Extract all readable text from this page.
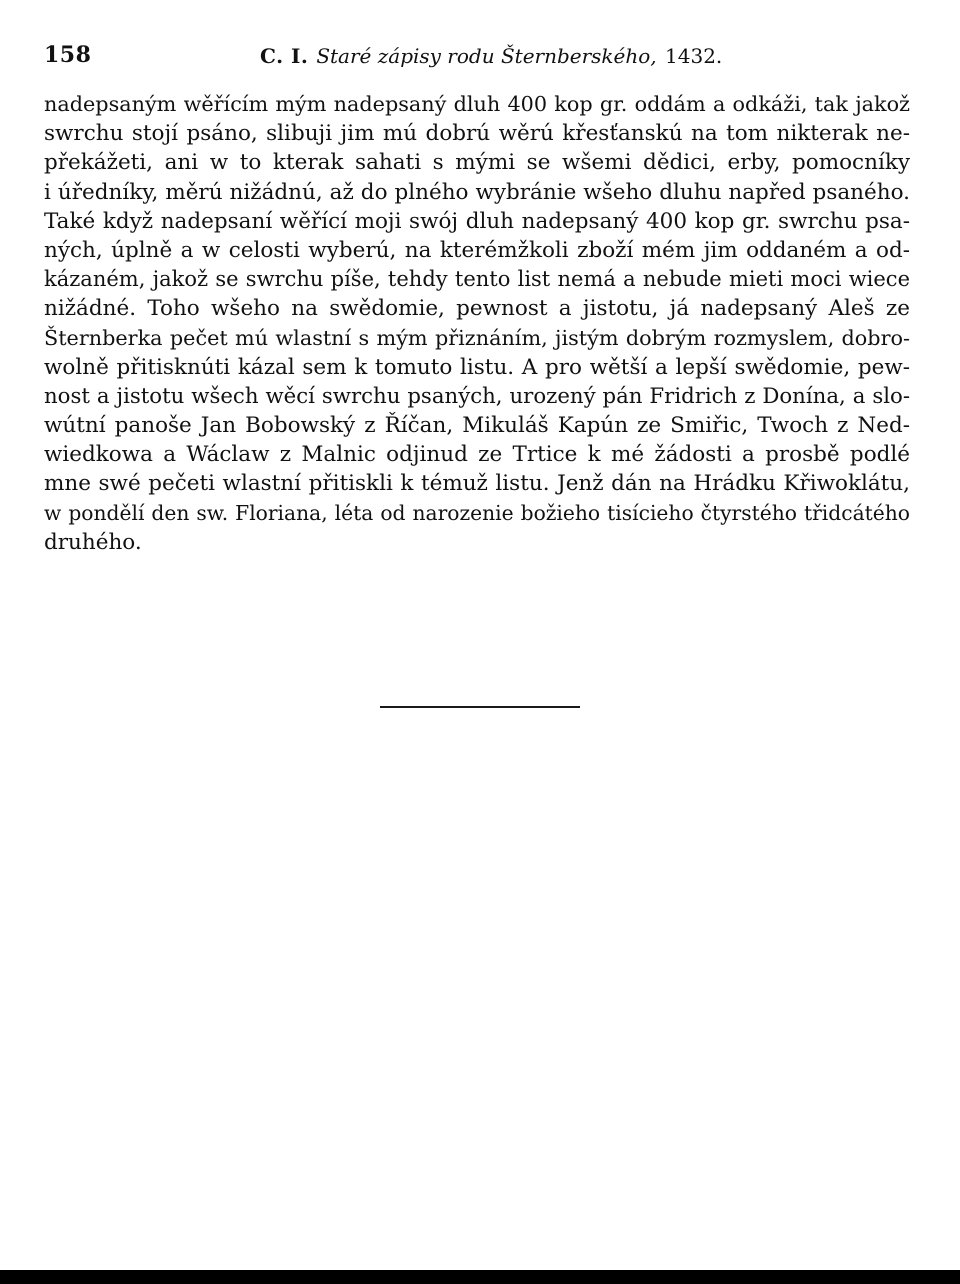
158	C. I. Staré zápisy rodu Šternberského, 1432.
nadepsaným wěřícím mým nadepsaný dluh 400 kop gr. oddám a odkáži, tak jakož
swrchu stojí psáno, slibuji jim mú dobrú wěrú křesťanskú na tom nikterak ne-
překážeti, ani w to kterak sahati s mými se wšemi dědici, erby, pomocníky
i úředníky, měrú nižádnú, až do plného wybránie wšeho dluhu napřed psaného.
Také když nadepsaní wěřící moji swój dluh nadepsaný 400 kop gr. swrchu psa-
ných, úplně a w celosti wyberú, na kterémžkoli zboží mém jim oddaném a od-
kázaném, jakož se swrchu píše, tehdy tento list nemá a nebude mieti moci wiece
nižádné. Toho wšeho na swědomie, pewnost a jistotu, já nadepsaný Aleš ze
Šternberka pečet mú wlastní s mým přiznáním, jistým dobrým rozmyslem, dobro-
wolně přitisknúti kázal sem k tomuto listu. A pro wětší a lepší swědomie, pew-
nost a jistotu wšech wěcí swrchu psaných, urozený pán Fridrich z Donína, a slo-
wútní panoše Jan Bobowský z Říčan, Mikuláš Kapún ze Smiřic, Twoch z Ned-
wiedkowa a Wáclaw z Malnic odjinud ze Trtice k mé žádosti a prosbě podlé
mne swé pečeti wlastní přitiskli k témuž listu. Jenž dán na Hrádku Křiwoklátu,
w pondělí den sw. Floriana, léta od narozenie božieho tisícieho čtyrstého třidcátého
druhého.
